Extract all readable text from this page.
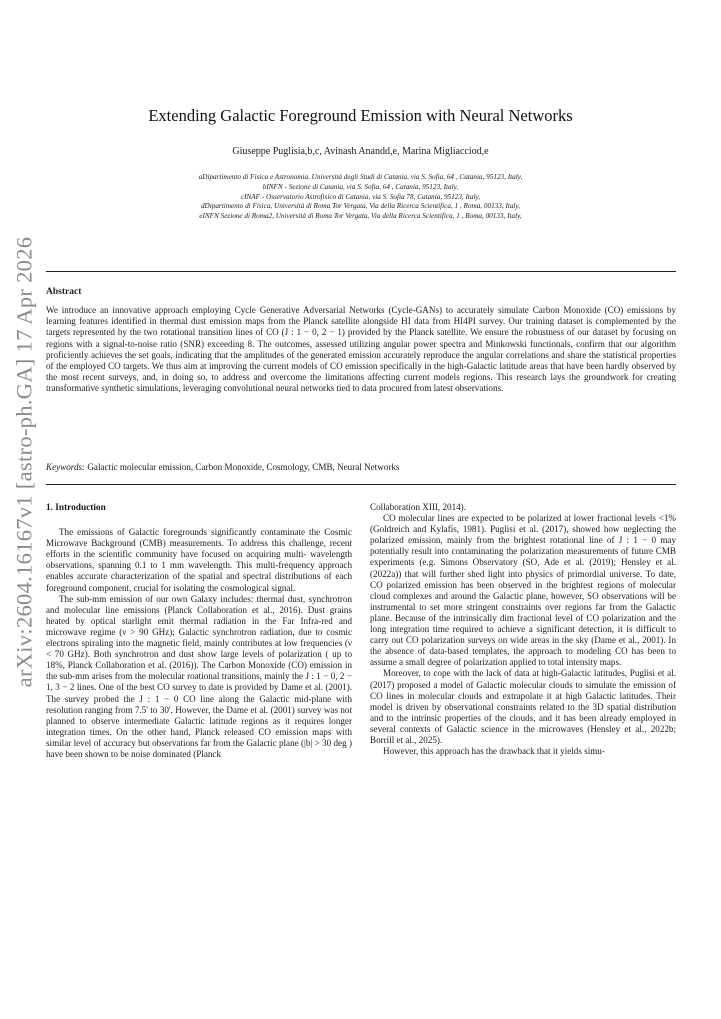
arXiv:2604.16167v1 [astro-ph.GA] 17 Apr 2026
Extending Galactic Foreground Emission with Neural Networks
Giuseppe Puglisia,b,c, Avinash Anandd,e, Marina Migliacciod,e
aDipartimento di Fisica e Astronomia, Università degli Studi di Catania, via S. Sofia, 64 , Catania, 95123, Italy,
bINFN - Sezione di Catania, via S. Sofia, 64 , Catania, 95123, Italy,
cINAF - Osservatorio Astrofisico di Catania, via S. Sofia 78, Catania, 95123, Italy,
dDipartimento di Fisica, Università di Roma Tor Vergata, Via della Ricerca Scientifica, 1 , Roma, 00133, Italy,
eINFN Sezione di Roma2, Università di Roma Tor Vergata, Via della Ricerca Scientifica, 1 , Roma, 00133, Italy,
Abstract
We introduce an innovative approach employing Cycle Generative Adversarial Networks (Cycle-GANs) to accurately simulate Carbon Monoxide (CO) emissions by learning features identified in thermal dust emission maps from the Planck satellite alongside HI data from HI4PI survey. Our training dataset is complemented by the targets represented by the two rotational transition lines of CO (J : 1 − 0, 2 − 1) provided by the Planck satellite. We ensure the robustness of our dataset by focusing on regions with a signal-to-noise ratio (SNR) exceeding 8. The outcomes, assessed utilizing angular power spectra and Minkowski functionals, confirm that our algorithm proficiently achieves the set goals, indicating that the amplitudes of the generated emission accurately reproduce the angular correlations and share the statistical properties of the employed CO targets. We thus aim at improving the current models of CO emission specifically in the high-Galactic latitude areas that have been hardly observed by the most recent surveys, and, in doing so, to address and overcome the limitations affecting current models regions. This research lays the groundwork for creating transformative synthetic simulations, leveraging convolutional neural networks tied to data procured from latest observations.
Keywords: Galactic molecular emission, Carbon Monoxide, Cosmology, CMB, Neural Networks
1. Introduction

The emissions of Galactic foregrounds significantly contaminate the Cosmic Microwave Background (CMB) measurements. To address this challenge, recent efforts in the scientific community have focused on acquiring multi- wavelength observations, spanning 0.1 to 1 mm wavelength. This multi-frequency approach enables accurate characterization of the spatial and spectral distributions of each foreground component, crucial for isolating the cosmological signal.

The sub-mm emission of our own Galaxy includes: thermal dust, synchrotron and molecular line emissions (Planck Collaboration et al., 2016). Dust grains heated by optical starlight emit thermal radiation in the Far Infra-red and microwave regime (ν > 90 GHz); Galactic synchrotron radiation, due to cosmic electrons spiraling into the magnetic field, mainly contributes at low frequencies (ν < 70 GHz). Both synchrotron and dust show large levels of polarization ( up to 18%, Planck Collaboration et al. (2016)). The Carbon Monoxide (CO) emission in the sub-mm arises from the molecular roational transitions, mainly the J : 1 − 0, 2 − 1, 3 − 2 lines. One of the best CO survey to date is provided by Dame et al. (2001). The survey probed the J : 1 − 0 CO line along the Galactic mid-plane with resolution ranging from 7.5' to 30'. However, the Dame et al. (2001) survey was not planned to observe intermediate Galactic latitude regions as it requires longer integration times. On the other hand, Planck released CO emission maps with similar level of accuracy but observations far from the Galactic plane (|b| > 30 deg ) have been shown to be noise dominated (Planck

Collaboration XIII, 2014).

CO molecular lines are expected to be polarized at lower fractional levels <1% (Goldreich and Kylafis, 1981). Puglisi et al. (2017), showed how neglecting the polarized emission, mainly from the brightest rotational line of J : 1 − 0 may potentially result into contaminating the polarization measurements of future CMB experiments (e.g. Simons Observatory (SO, Ade et al. (2019); Hensley et al. (2022a)) that will further shed light into physics of primordial universe. To date, CO polarized emission has been observed in the brightest regions of molecular cloud complexes and around the Galactic plane, however, SO observations will be instrumental to set more stringent constraints over regions far from the Galactic plane. Because of the intrinsically dim fractional level of CO polarization and the long integration time required to achieve a significant detection, it is difficult to carry out CO polarization surveys on wide areas in the sky (Dame et al., 2001). In the absence of data-based templates, the approach to modeling CO has been to assume a small degree of polarization applied to total intensity maps.

Moreover, to cope with the lack of data at high-Galactic latitudes, Puglisi et al. (2017) proposed a model of Galactic molecular clouds to simulate the emission of CO lines in molecular clouds and extrapolate it at high Galactic latitudes. Their model is driven by observational constraints related to the 3D spatial distribution and to the intrinsic properties of the clouds, and it has been already employed in several contexts of Galactic science in the microwaves (Hensley et al., 2022b; Borrill et al., 2025).

However, this approach has the drawback that it yields simu-
